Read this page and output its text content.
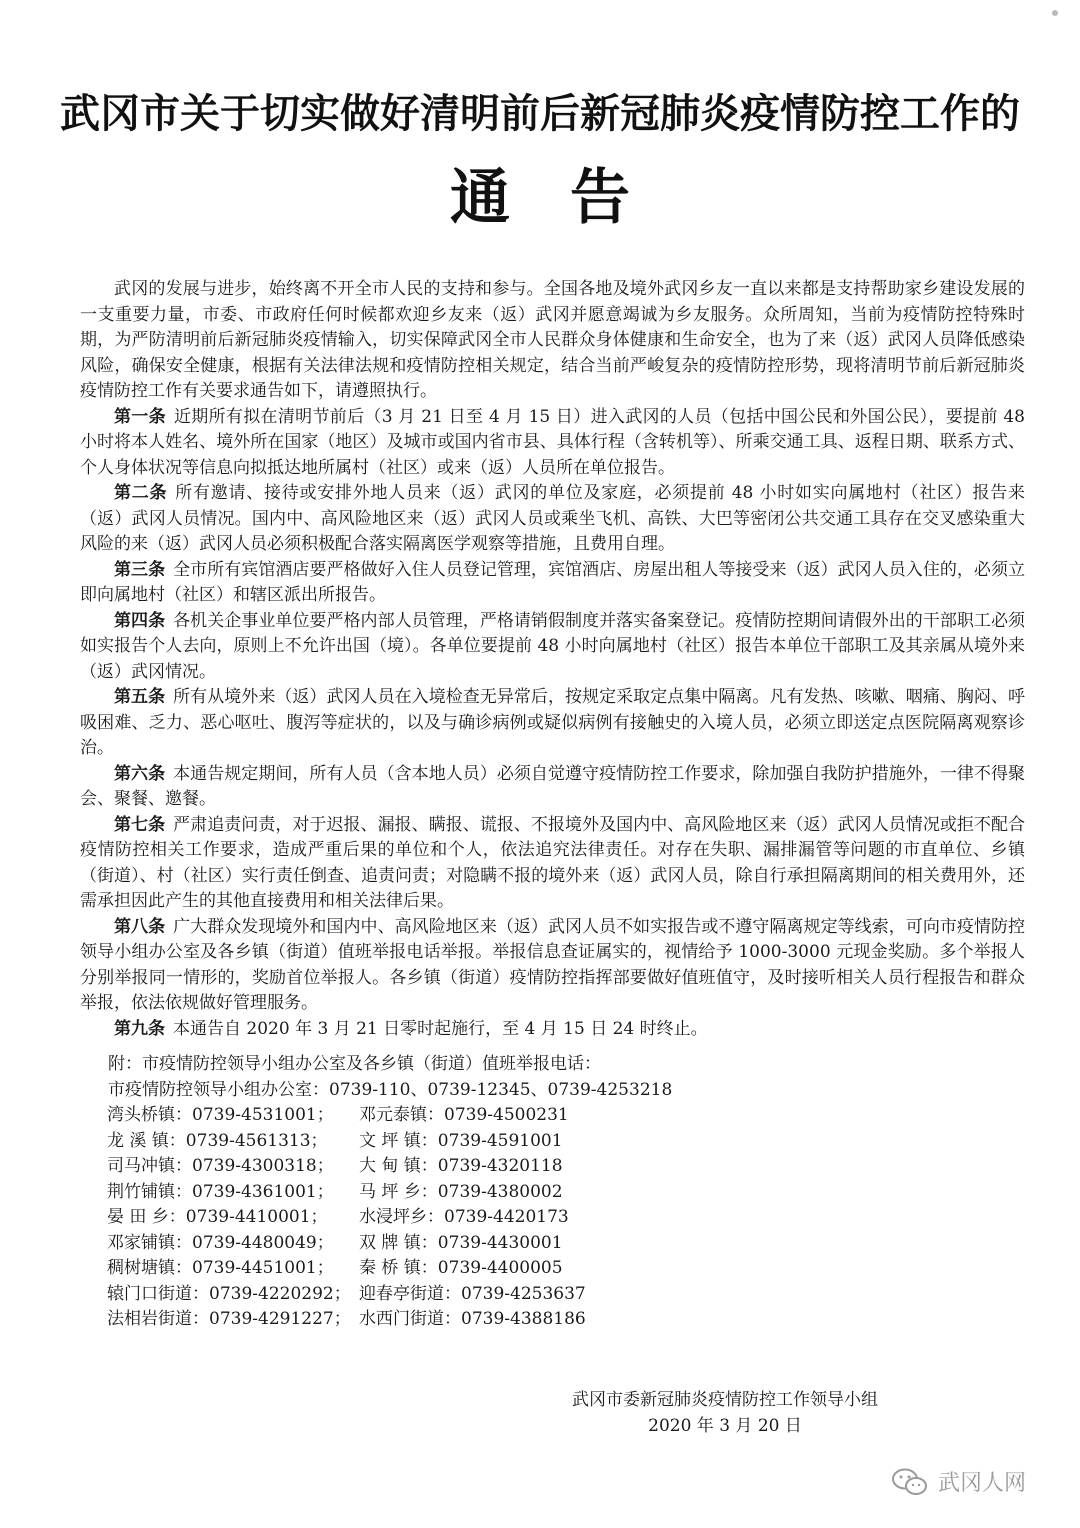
武冈市关于切实做好清明前后新冠肺炎疫情防控工作的
通告

武冈的发展与进步，始终离不开全市人民的支持和参与。全国各地及境外武冈乡友一直以来都是支持帮助家乡建设发展的一支重要力量，市委、市政府任何时候都欢迎乡友来（返）武冈并愿意竭诚为乡友服务。众所周知，当前为疫情防控特殊时期，为严防清明前后新冠肺炎疫情输入，切实保障武冈全市人民群众身体健康和生命安全，也为了来（返）武冈人员降低感染风险，确保安全健康，根据有关法律法规和疫情防控相关规定，结合当前严峻复杂的疫情防控形势，现将清明节前后新冠肺炎疫情防控工作有关要求通告如下，请遵照执行。

第一条 近期所有拟在清明节前后（3 月 21 日至 4 月 15 日）进入武冈的人员（包括中国公民和外国公民），要提前 48 小时将本人姓名、境外所在国家（地区）及城市或国内省市县、具体行程（含转机等）、所乘交通工具、返程日期、联系方式、个人身体状况等信息向拟抵达地所属村（社区）或来（返）人员所在单位报告。

第二条 所有邀请、接待或安排外地人员来（返）武冈的单位及家庭，必须提前 48 小时如实向属地村（社区）报告来（返）武冈人员情况。国内中、高风险地区来（返）武冈人员或乘坐飞机、高铁、大巴等密闭公共交通工具存在交叉感染重大风险的来（返）武冈人员必须积极配合落实隔离医学观察等措施，且费用自理。

第三条 全市所有宾馆酒店要严格做好入住人员登记管理，宾馆酒店、房屋出租人等接受来（返）武冈人员入住的，必须立即向属地村（社区）和辖区派出所报告。

第四条 各机关企事业单位要严格内部人员管理，严格请销假制度并落实备案登记。疫情防控期间请假外出的干部职工必须如实报告个人去向，原则上不允许出国（境）。各单位要提前 48 小时向属地村（社区）报告本单位干部职工及其亲属从境外来（返）武冈情况。

第五条 所有从境外来（返）武冈人员在入境检查无异常后，按规定采取定点集中隔离。凡有发热、咳嗽、咽痛、胸闷、呼吸困难、乏力、恶心呕吐、腹泻等症状的，以及与确诊病例或疑似病例有接触史的入境人员，必须立即送定点医院隔离观察诊治。

第六条 本通告规定期间，所有人员（含本地人员）必须自觉遵守疫情防控工作要求，除加强自我防护措施外，一律不得聚会、聚餐、邀餐。

第七条 严肃追责问责，对于迟报、漏报、瞒报、谎报、不报境外及国内中、高风险地区来（返）武冈人员情况或拒不配合疫情防控相关工作要求，造成严重后果的单位和个人，依法追究法律责任。对存在失职、漏排漏管等问题的市直单位、乡镇（街道）、村（社区）实行责任倒查、追责问责；对隐瞒不报的境外来（返）武冈人员，除自行承担隔离期间的相关费用外，还需承担因此产生的其他直接费用和相关法律后果。

第八条 广大群众发现境外和国内中、高风险地区来（返）武冈人员不如实报告或不遵守隔离规定等线索，可向市疫情防控领导小组办公室及各乡镇（街道）值班举报电话举报。举报信息查证属实的，视情给予 1000-3000 元现金奖励。多个举报人分别举报同一情形的，奖励首位举报人。各乡镇（街道）疫情防控指挥部要做好值班值守，及时接听相关人员行程报告和群众举报，依法依规做好管理服务。

第九条 本通告自 2020 年 3 月 21 日零时起施行，至 4 月 15 日 24 时终止。

附：市疫情防控领导小组办公室及各乡镇（街道）值班举报电话：

市疫情防控领导小组办公室：0739-110、0739-12345、0739-4253218

湾头桥镇：0739-4531001；	邓元泰镇：0739-4500231
龙 溪 镇：0739-4561313；	文 坪 镇：0739-4591001
司马冲镇：0739-4300318；	大 甸 镇：0739-4320118
荆竹铺镇：0739-4361001；	马 坪 乡：0739-4380002
晏 田 乡：0739-4410001；	水浸坪乡：0739-4420173
邓家铺镇：0739-4480049；	双 牌 镇：0739-4430001
稠树塘镇：0739-4451001；	秦 桥 镇：0739-4400005
辕门口街道：0739-4220292； 迎春亭街道：0739-4253637
法相岩街道：0739-4291227； 水西门街道：0739-4388186
武冈市委新冠肺炎疫情防控工作领导小组
2020 年 3 月 20 日
武冈人网
